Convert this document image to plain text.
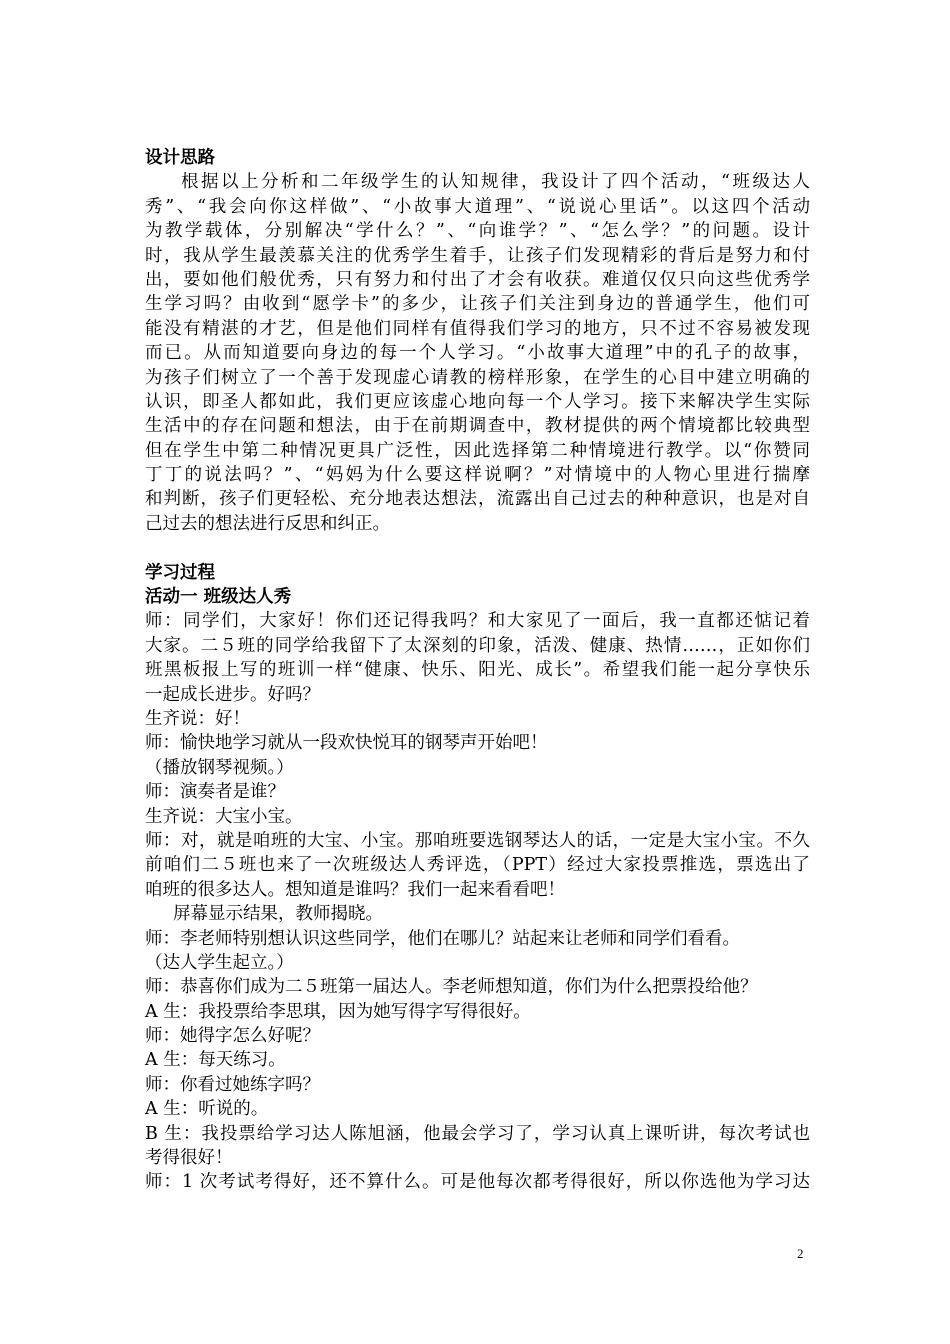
设计思路
根据以上分析和二年级学生的认知规律，我设计了四个活动，“班级达人
秀”、“我会向你这样做”、“小故事大道理”、“说说心里话”。以这四个活动
为教学载体，分别解决“学什么？”、“向谁学？”、“怎么学？”的问题。设计
时，我从学生最羡慕关注的优秀学生着手，让孩子们发现精彩的背后是努力和付
出，要如他们般优秀，只有努力和付出了才会有收获。难道仅仅只向这些优秀学
生学习吗？由收到“愿学卡”的多少，让孩子们关注到身边的普通学生，他们可
能没有精湛的才艺，但是他们同样有值得我们学习的地方，只不过不容易被发现
而已。从而知道要向身边的每一个人学习。“小故事大道理”中的孔子的故事，
为孩子们树立了一个善于发现虚心请教的榜样形象，在学生的心目中建立明确的
认识，即圣人都如此，我们更应该虚心地向每一个人学习。接下来解决学生实际
生活中的存在问题和想法，由于在前期调查中，教材提供的两个情境都比较典型
但在学生中第二种情况更具广泛性，因此选择第二种情境进行教学。以“你赞同
丁丁的说法吗？”、“妈妈为什么要这样说啊？”对情境中的人物心里进行揣摩
和判断，孩子们更轻松、充分地表达想法，流露出自己过去的种种意识，也是对自
己过去的想法进行反思和纠正。
学习过程
活动一 班级达人秀
师：同学们，大家好！你们还记得我吗？和大家见了一面后，我一直都还惦记着
大家。二５班的同学给我留下了太深刻的印象，活泼、健康、热情……，正如你们
班黑板报上写的班训一样“健康、快乐、阳光、成长”。希望我们能一起分享快乐
一起成长进步。好吗？
生齐说：好！
师：愉快地学习就从一段欢快悦耳的钢琴声开始吧！
（播放钢琴视频。）
师：演奏者是谁？
生齐说：大宝小宝。
师：对，就是咱班的大宝、小宝。那咱班要选钢琴达人的话，一定是大宝小宝。不久
前咱们二５班也来了一次班级达人秀评选，（PPT）经过大家投票推选，票选出了
咱班的很多达人。想知道是谁吗？我们一起来看看吧！
屏幕显示结果，教师揭晓。
师：李老师特别想认识这些同学，他们在哪儿？站起来让老师和同学们看看。
（达人学生起立。）
师：恭喜你们成为二５班第一届达人。李老师想知道，你们为什么把票投给他？
A 生：我投票给李思琪，因为她写得字写得很好。
师：她得字怎么好呢？
A 生：每天练习。
师：你看过她练字吗？
A 生：听说的。
B 生：我投票给学习达人陈旭涵，他最会学习了，学习认真上课听讲，每次考试也
考得很好！
师：1 次考试考得好，还不算什么。可是他每次都考得很好，所以你选他为学习达
2
